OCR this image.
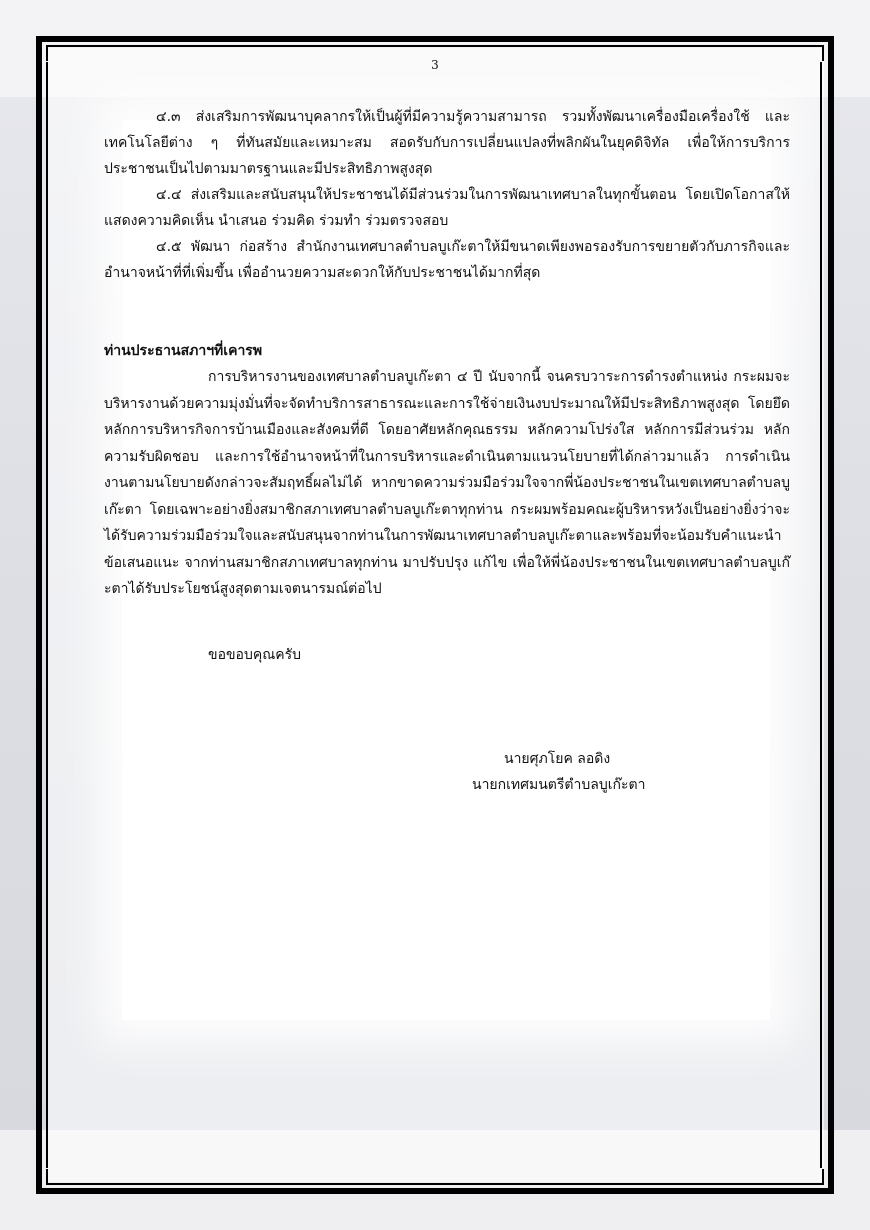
3

๔.๓ ส่งเสริมการพัฒนาบุคลากรให้เป็นผู้ที่มีความรู้ความสามารถ รวมทั้งพัฒนาเครื่องมือเครื่องใช้ และเทคโนโลยีต่าง ๆ ที่ทันสมัยและเหมาะสม สอดรับกับการเปลี่ยนแปลงที่พลิกผันในยุคดิจิทัล เพื่อให้การบริการประชาชนเป็นไปตามมาตรฐานและมีประสิทธิภาพสูงสุด

๔.๔ ส่งเสริมและสนับสนุนให้ประชาชนได้มีส่วนร่วมในการพัฒนาเทศบาลในทุกขั้นตอน โดยเปิดโอกาสให้แสดงความคิดเห็น นำเสนอ ร่วมคิด ร่วมทำ ร่วมตรวจสอบ

๔.๕ พัฒนา ก่อสร้าง สำนักงานเทศบาลตำบลบูเก๊ะตาให้มีขนาดเพียงพอรองรับการขยายตัวกับภารกิจและอำนาจหน้าที่ที่เพิ่มขึ้น เพื่ออำนวยความสะดวกให้กับประชาชนได้มากที่สุด

ท่านประธานสภาฯที่เคารพ

การบริหารงานของเทศบาลตำบลบูเก๊ะตา ๔ ปี นับจากนี้ จนครบวาระการดำรงตำแหน่ง กระผมจะบริหารงานด้วยความมุ่งมั่นที่จะจัดทำบริการสาธารณะและการใช้จ่ายเงินงบประมาณให้มีประสิทธิภาพสูงสุด โดยยึดหลักการบริหารกิจการบ้านเมืองและสังคมที่ดี โดยอาศัยหลักคุณธรรม หลักความโปร่งใส หลักการมีส่วนร่วม หลักความรับผิดชอบ และการใช้อำนาจหน้าที่ในการบริหารและดำเนินตามแนวนโยบายที่ได้กล่าวมาแล้ว การดำเนินงานตามนโยบายดังกล่าวจะสัมฤทธิ์ผลไม่ได้ หากขาดความร่วมมือร่วมใจจากพี่น้องประชาชนในเขตเทศบาลตำบลบูเก๊ะตา โดยเฉพาะอย่างยิ่งสมาชิกสภาเทศบาลตำบลบูเก๊ะตาทุกท่าน กระผมพร้อมคณะผู้บริหารหวังเป็นอย่างยิ่งว่าจะได้รับความร่วมมือร่วมใจและสนับสนุนจากท่านในการพัฒนาเทศบาลตำบลบูเก๊ะตาและพร้อมที่จะน้อมรับคำแนะนำ ข้อเสนอแนะ จากท่านสมาชิกสภาเทศบาลทุกท่าน มาปรับปรุง แก้ไข เพื่อให้พี่น้องประชาชนในเขตเทศบาลตำบลบูเก๊ะตาได้รับประโยชน์สูงสุดตามเจตนารมณ์ต่อไป

ขอขอบคุณครับ
นายศุภโยค ลอดิง
นายกเทศมนตรีตำบลบูเก๊ะตา
